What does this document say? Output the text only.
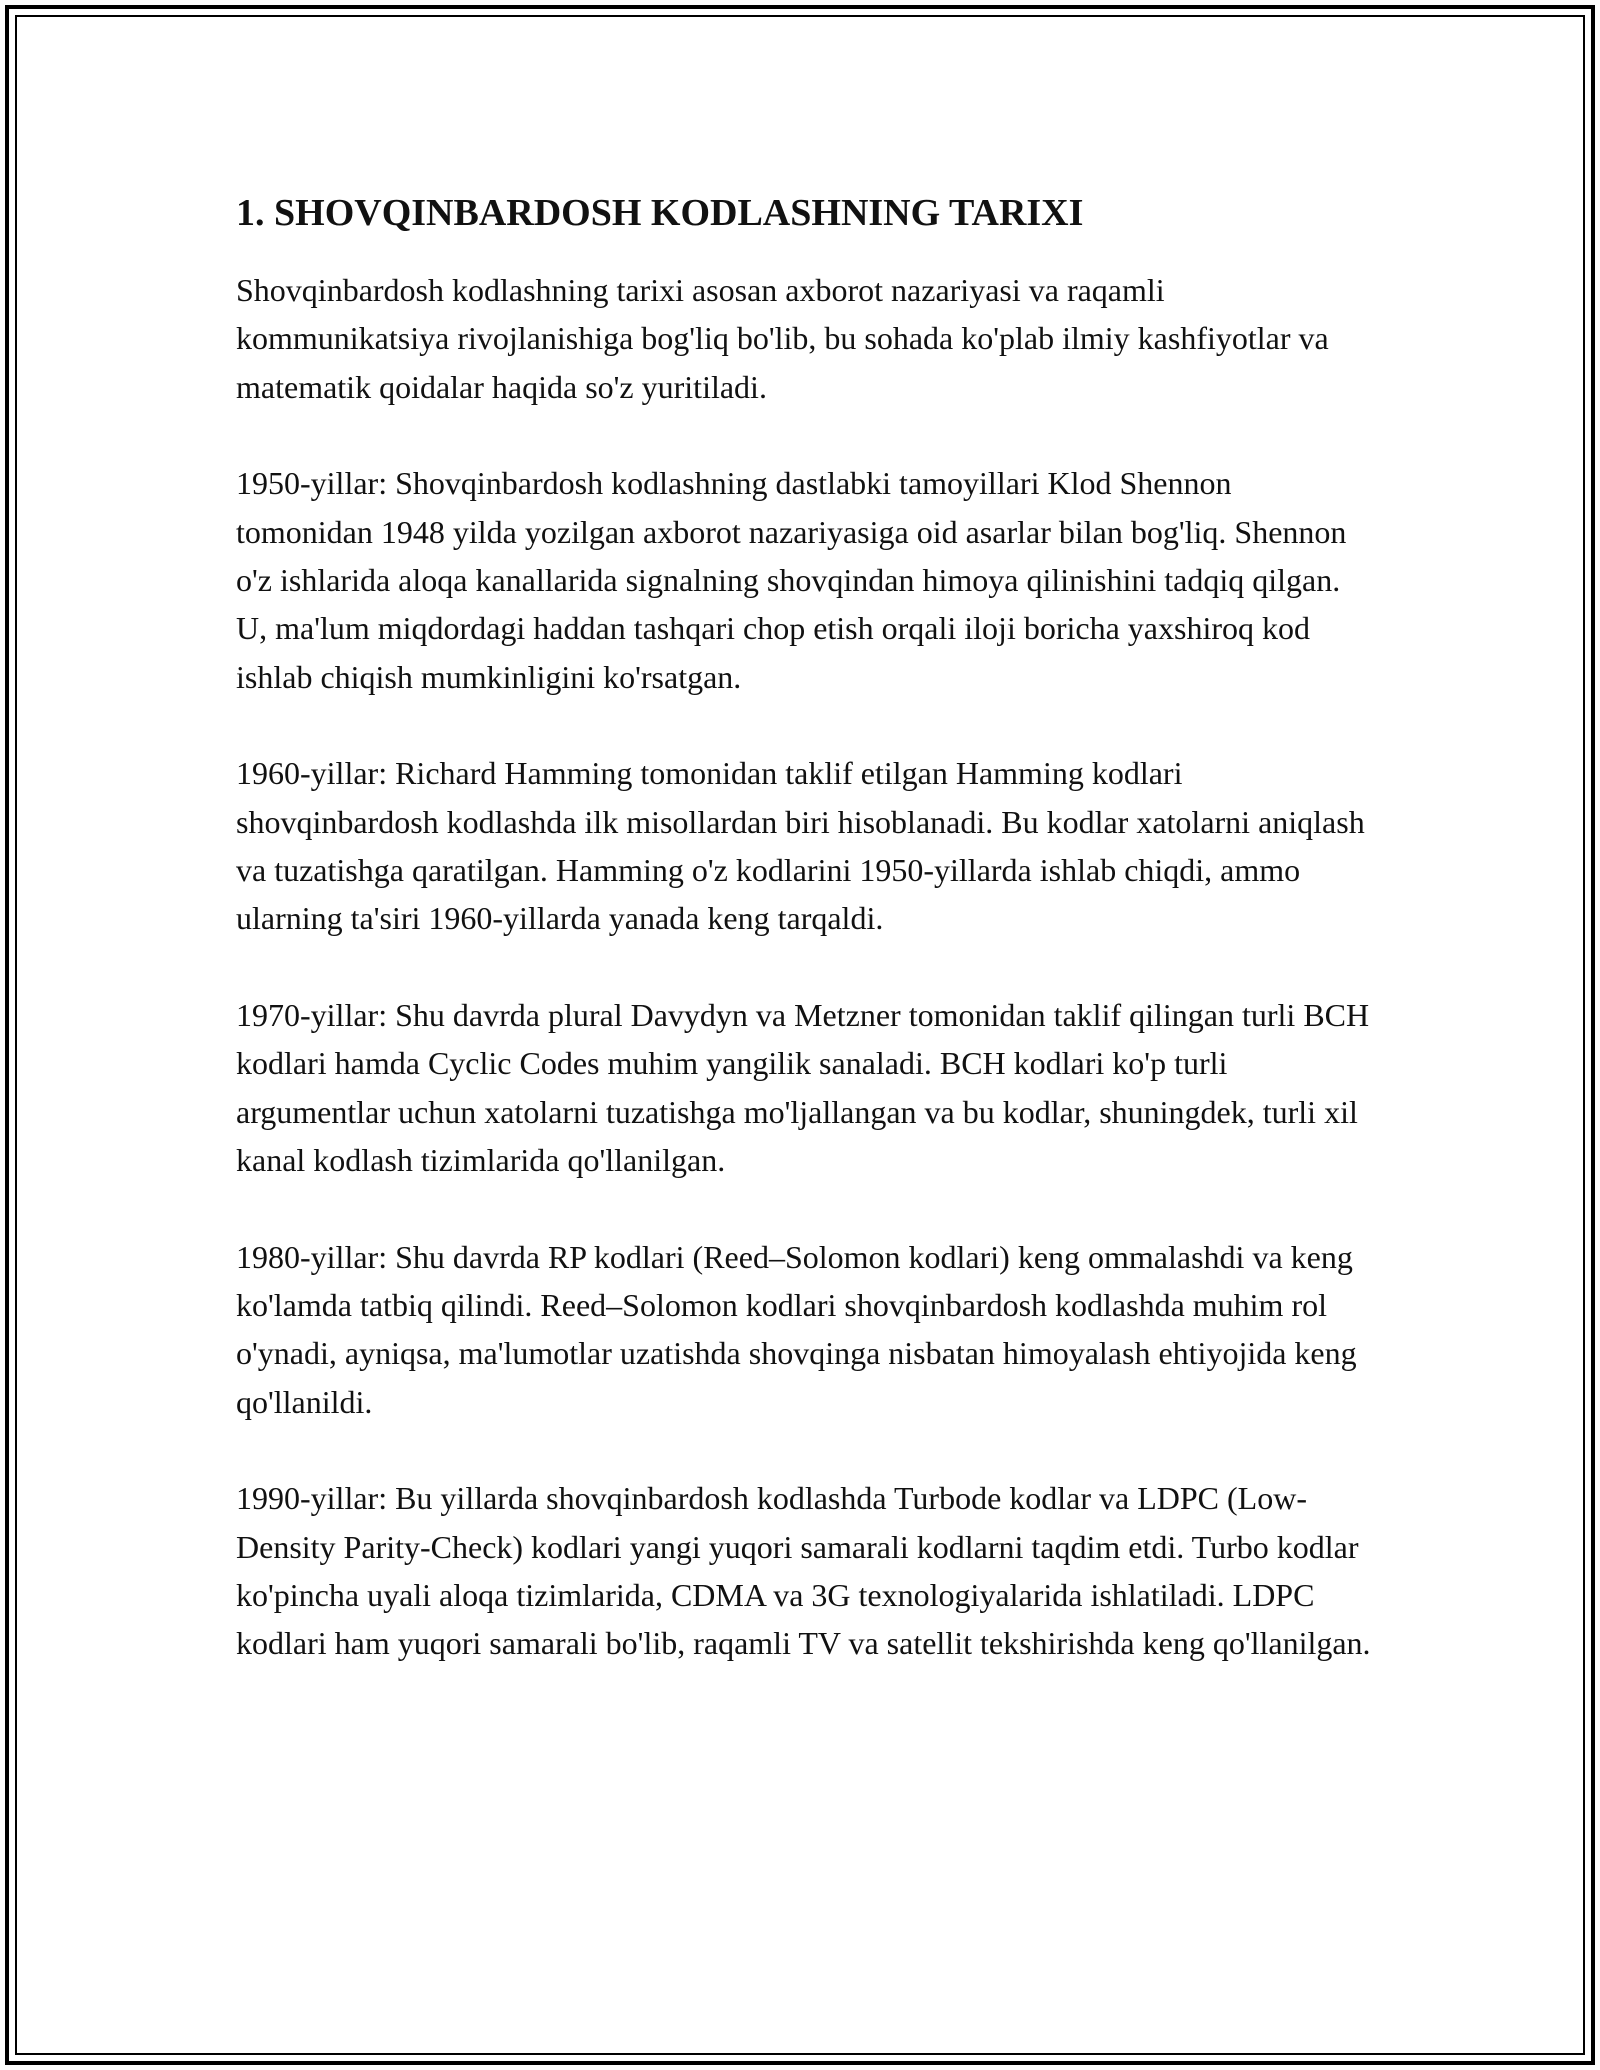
1. SHOVQINBARDOSH KODLASHNING TARIXI

Shovqinbardosh kodlashning tarixi asosan axborot nazariyasi va raqamli kommunikatsiya rivojlanishiga bog'liq bo'lib, bu sohada ko'plab ilmiy kashfiyotlar va matematik qoidalar haqida so'z yuritiladi.

1950-yillar: Shovqinbardosh kodlashning dastlabki tamoyillari Klod Shennon tomonidan 1948 yilda yozilgan axborot nazariyasiga oid asarlar bilan bog'liq. Shennon o'z ishlarida aloqa kanallarida signalning shovqindan himoya qilinishini tadqiq qilgan. U, ma'lum miqdordagi haddan tashqari chop etish orqali iloji boricha yaxshiroq kod ishlab chiqish mumkinligini ko'rsatgan.

1960-yillar: Richard Hamming tomonidan taklif etilgan Hamming kodlari shovqinbardosh kodlashda ilk misollardan biri hisoblanadi. Bu kodlar xatolarni aniqlash va tuzatishga qaratilgan. Hamming o'z kodlarini 1950-yillarda ishlab chiqdi, ammo ularning ta'siri 1960-yillarda yanada keng tarqaldi.

1970-yillar: Shu davrda plural Davydyn va Metzner tomonidan taklif qilingan turli BCH kodlari hamda Cyclic Codes muhim yangilik sanaladi. BCH kodlari ko'p turli argumentlar uchun xatolarni tuzatishga mo'ljallangan va bu kodlar, shuningdek, turli xil kanal kodlash tizimlarida qo'llanilgan.

1980-yillar: Shu davrda RP kodlari (Reed–Solomon kodlari) keng ommalashdi va keng ko'lamda tatbiq qilindi. Reed–Solomon kodlari shovqinbardosh kodlashda muhim rol o'ynadi, ayniqsa, ma'lumotlar uzatishda shovqinga nisbatan himoyalash ehtiyojida keng qo'llanildi.

1990-yillar: Bu yillarda shovqinbardosh kodlashda Turbode kodlar va LDPC (Low-Density Parity-Check) kodlari yangi yuqori samarali kodlarni taqdim etdi. Turbo kodlar ko'pincha uyali aloqa tizimlarida, CDMA va 3G texnologiyalarida ishlatiladi. LDPC kodlari ham yuqori samarali bo'lib, raqamli TV va satellit tekshirishda keng qo'llanilgan.
